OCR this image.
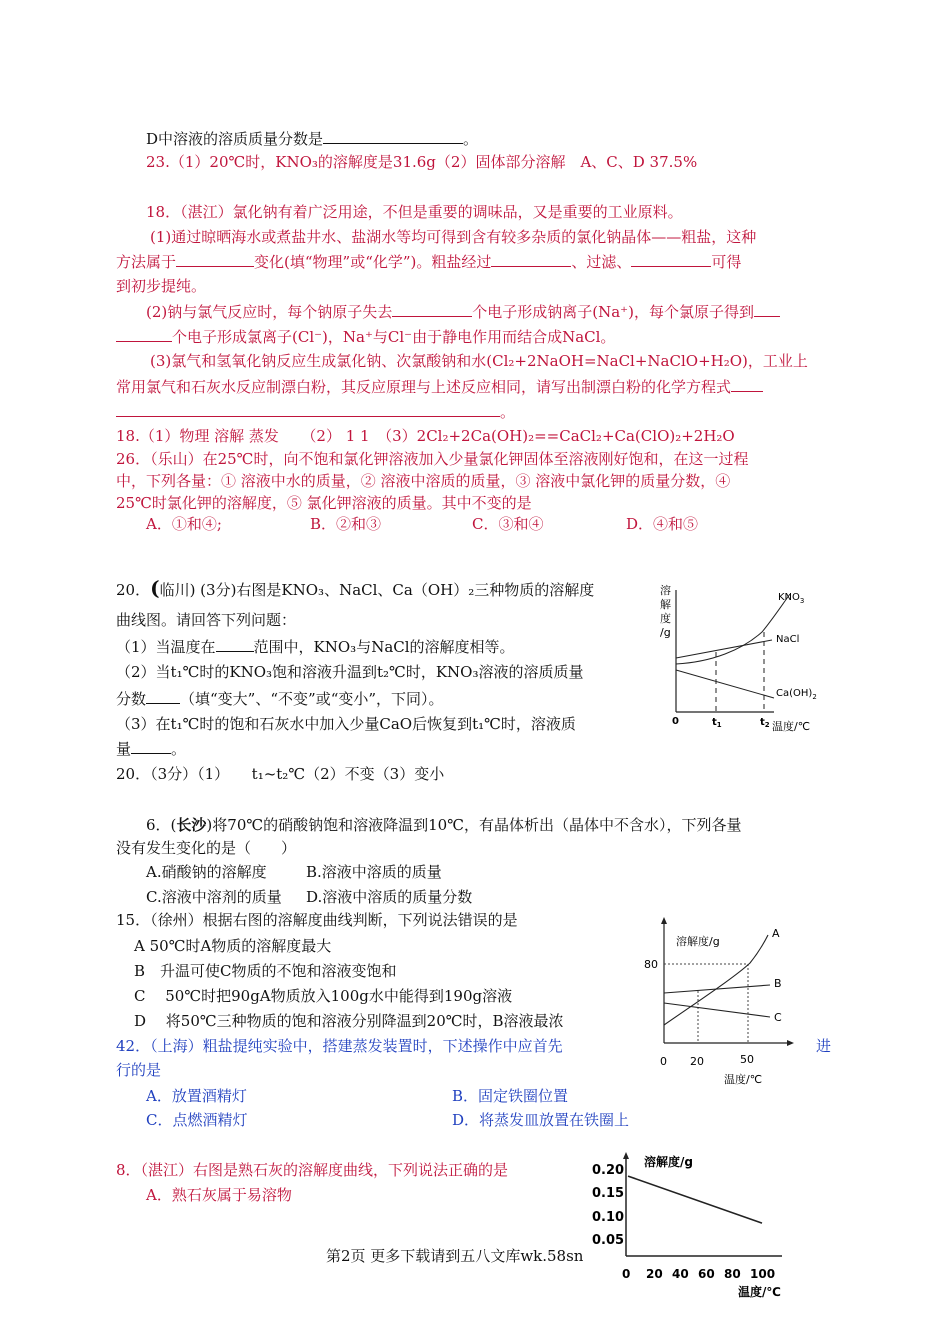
D中溶液的溶质质量分数是	。
23.（1）20℃时，KNO₃的溶解度是31.6g（2）固体部分溶解　A、C、D 37.5%
18．（湛江）氯化钠有着广泛用途，不但是重要的调味品，又是重要的工业原料。
(1)通过晾晒海水或煮盐井水、盐湖水等均可得到含有较多杂质的氯化钠晶体——粗盐，这种
方法属于	变化(填“物理”或“化学”)。粗盐经过	、过滤、	可得
到初步提纯。
(2)钠与氯气反应时，每个钠原子失去	个电子形成钠离子(Na⁺)，每个氯原子得到
个电子形成氯离子(Cl⁻)，Na⁺与Cl⁻由于静电作用而结合成NaCl。
(3)氯气和氢氧化钠反应生成氯化钠、次氯酸钠和水(Cl₂+2NaOH=NaCl+NaClO+H₂O)，工业上
常用氯气和石灰水反应制漂白粉，其反应原理与上述反应相同，请写出制漂白粉的化学方程式
。
18.（1）物理 溶解 蒸发　　（2） 1 1　（3）2Cl₂+2Ca(OH)₂==CaCl₂+Ca(ClO)₂+2H₂O
26．（乐山）在25℃时，向不饱和氯化钾溶液加入少量氯化钾固体至溶液刚好饱和，在这一过程
中，下列各量：① 溶液中水的质量，② 溶液中溶质的质量，③ 溶液中氯化钾的质量分数，④
25℃时氯化钾的溶解度，⑤ 氯化钾溶液的质量。其中不变的是
A．①和④;	B．②和③	C．③和④	D．④和⑤
20．(临川) (3分)右图是KNO₃、NaCl、Ca（OH）₂三种物质的溶解度
曲线图。请回答下列问题：
（1）当温度在	范围中，KNO₃与NaCl的溶解度相等。
（2）当t₁℃时的KNO₃饱和溶液升温到t₂℃时，KNO₃溶液的溶质质量
分数 （填“变大”、“不变”或“变小”，下同）。
（3）在t₁℃时的饱和石灰水中加入少量CaO后恢复到t₁℃时，溶液质
量	。
20．（3分）（1）　　t₁~t₂℃（2）不变（3）变小
溶
解
度
/g
$KNO_3$
NaCl
$Ca(OH)_2$
0	$t_1$	$t_2$ 温度/℃
6．(长沙)将70℃的硝酸钠饱和溶液降温到10℃，有晶体析出（晶体中不含水），下列各量
没有发生变化的是（　　）
A.硝酸钠的溶解度	B.溶液中溶质的质量
C.溶液中溶剂的质量 D.溶液中溶质的质量分数
15．（徐州）根据右图的溶解度曲线判断，下列说法错误的是
A 50℃时A物质的溶解度最大
B　升温可使C物质的不饱和溶液变饱和
C　 50℃时把90gA物质放入100g水中能得到190g溶液
D　 将50℃三种物质的饱和溶液分别降温到20℃时，B溶液最浓
溶解度/g
80
A
B
C
0 20	50
温度/℃
42．（上海）粗盐提纯实验中，搭建蒸发装置时，下述操作中应首先	进
行的是
A．放置酒精灯	B．固定铁圈位置
C．点燃酒精灯	D．将蒸发皿放置在铁圈上
8．（湛江）右图是熟石灰的溶解度曲线，下列说法正确的是
A．熟石灰属于易溶物
溶解度/g
0.20
0.15
0.10
0.05
0 20 40 60 80 100
温度/℃
第2页 更多下载请到五八文库wk.58sn
